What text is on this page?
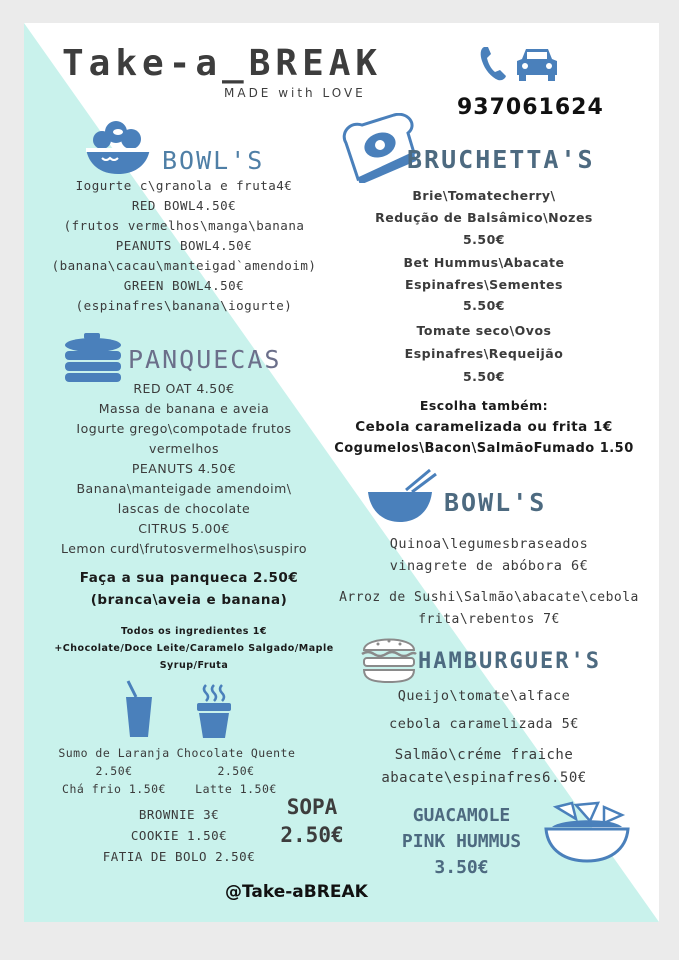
Take-a_BREAK
MADE with LOVE
937061624
BOWL'S
Iogurte c\granola e fruta4€
RED BOWL4.50€
(frutos vermelhos\manga\banana
PEANUTS BOWL4.50€
(banana\cacau\manteigad`amendoim)
GREEN BOWL4.50€
(espinafres\banana\iogurte)
PANQUECAS
RED OAT 4.50€
Massa de banana e aveia
Iogurte grego\compotade frutos
vermelhos
PEANUTS 4.50€
Banana\manteigade amendoim\
lascas de chocolate
CITRUS 5.00€
Lemon curd\frutosvermelhos\suspiro
Faça a sua panqueca 2.50€
(branca\aveia e banana)
Todos os ingredientes 1€
+Chocolate/Doce Leite/Caramelo Salgado/Maple
Syrup/Fruta
Sumo de Laranja
2.50€
Chá frio 1.50€
Chocolate Quente
2.50€
Latte 1.50€
BROWNIE 3€
COOKIE 1.50€
FATIA DE BOLO 2.50€
SOPA
2.50€
@Take-aBREAK
BRUCHETTA'S
Brie\Tomatecherry\
Redução de Balsâmico\Nozes
5.50€
Bet Hummus\Abacate
Espinafres\Sementes
5.50€
Tomate seco\Ovos
Espinafres\Requeijão
5.50€
Escolha também:
Cebola caramelizada ou frita 1€
Cogumelos\Bacon\SalmãoFumado 1.50
BOWL'S
Quinoa\legumesbraseados
vinagrete de abóbora 6€
Arroz de Sushi\Salmão\abacate\cebola
frita\rebentos 7€
HAMBURGUER'S
Queijo\tomate\alface
cebola caramelizada 5€
Salmão\créme fraiche
abacate\espinafres6.50€
GUACAMOLE
PINK HUMMUS
3.50€
